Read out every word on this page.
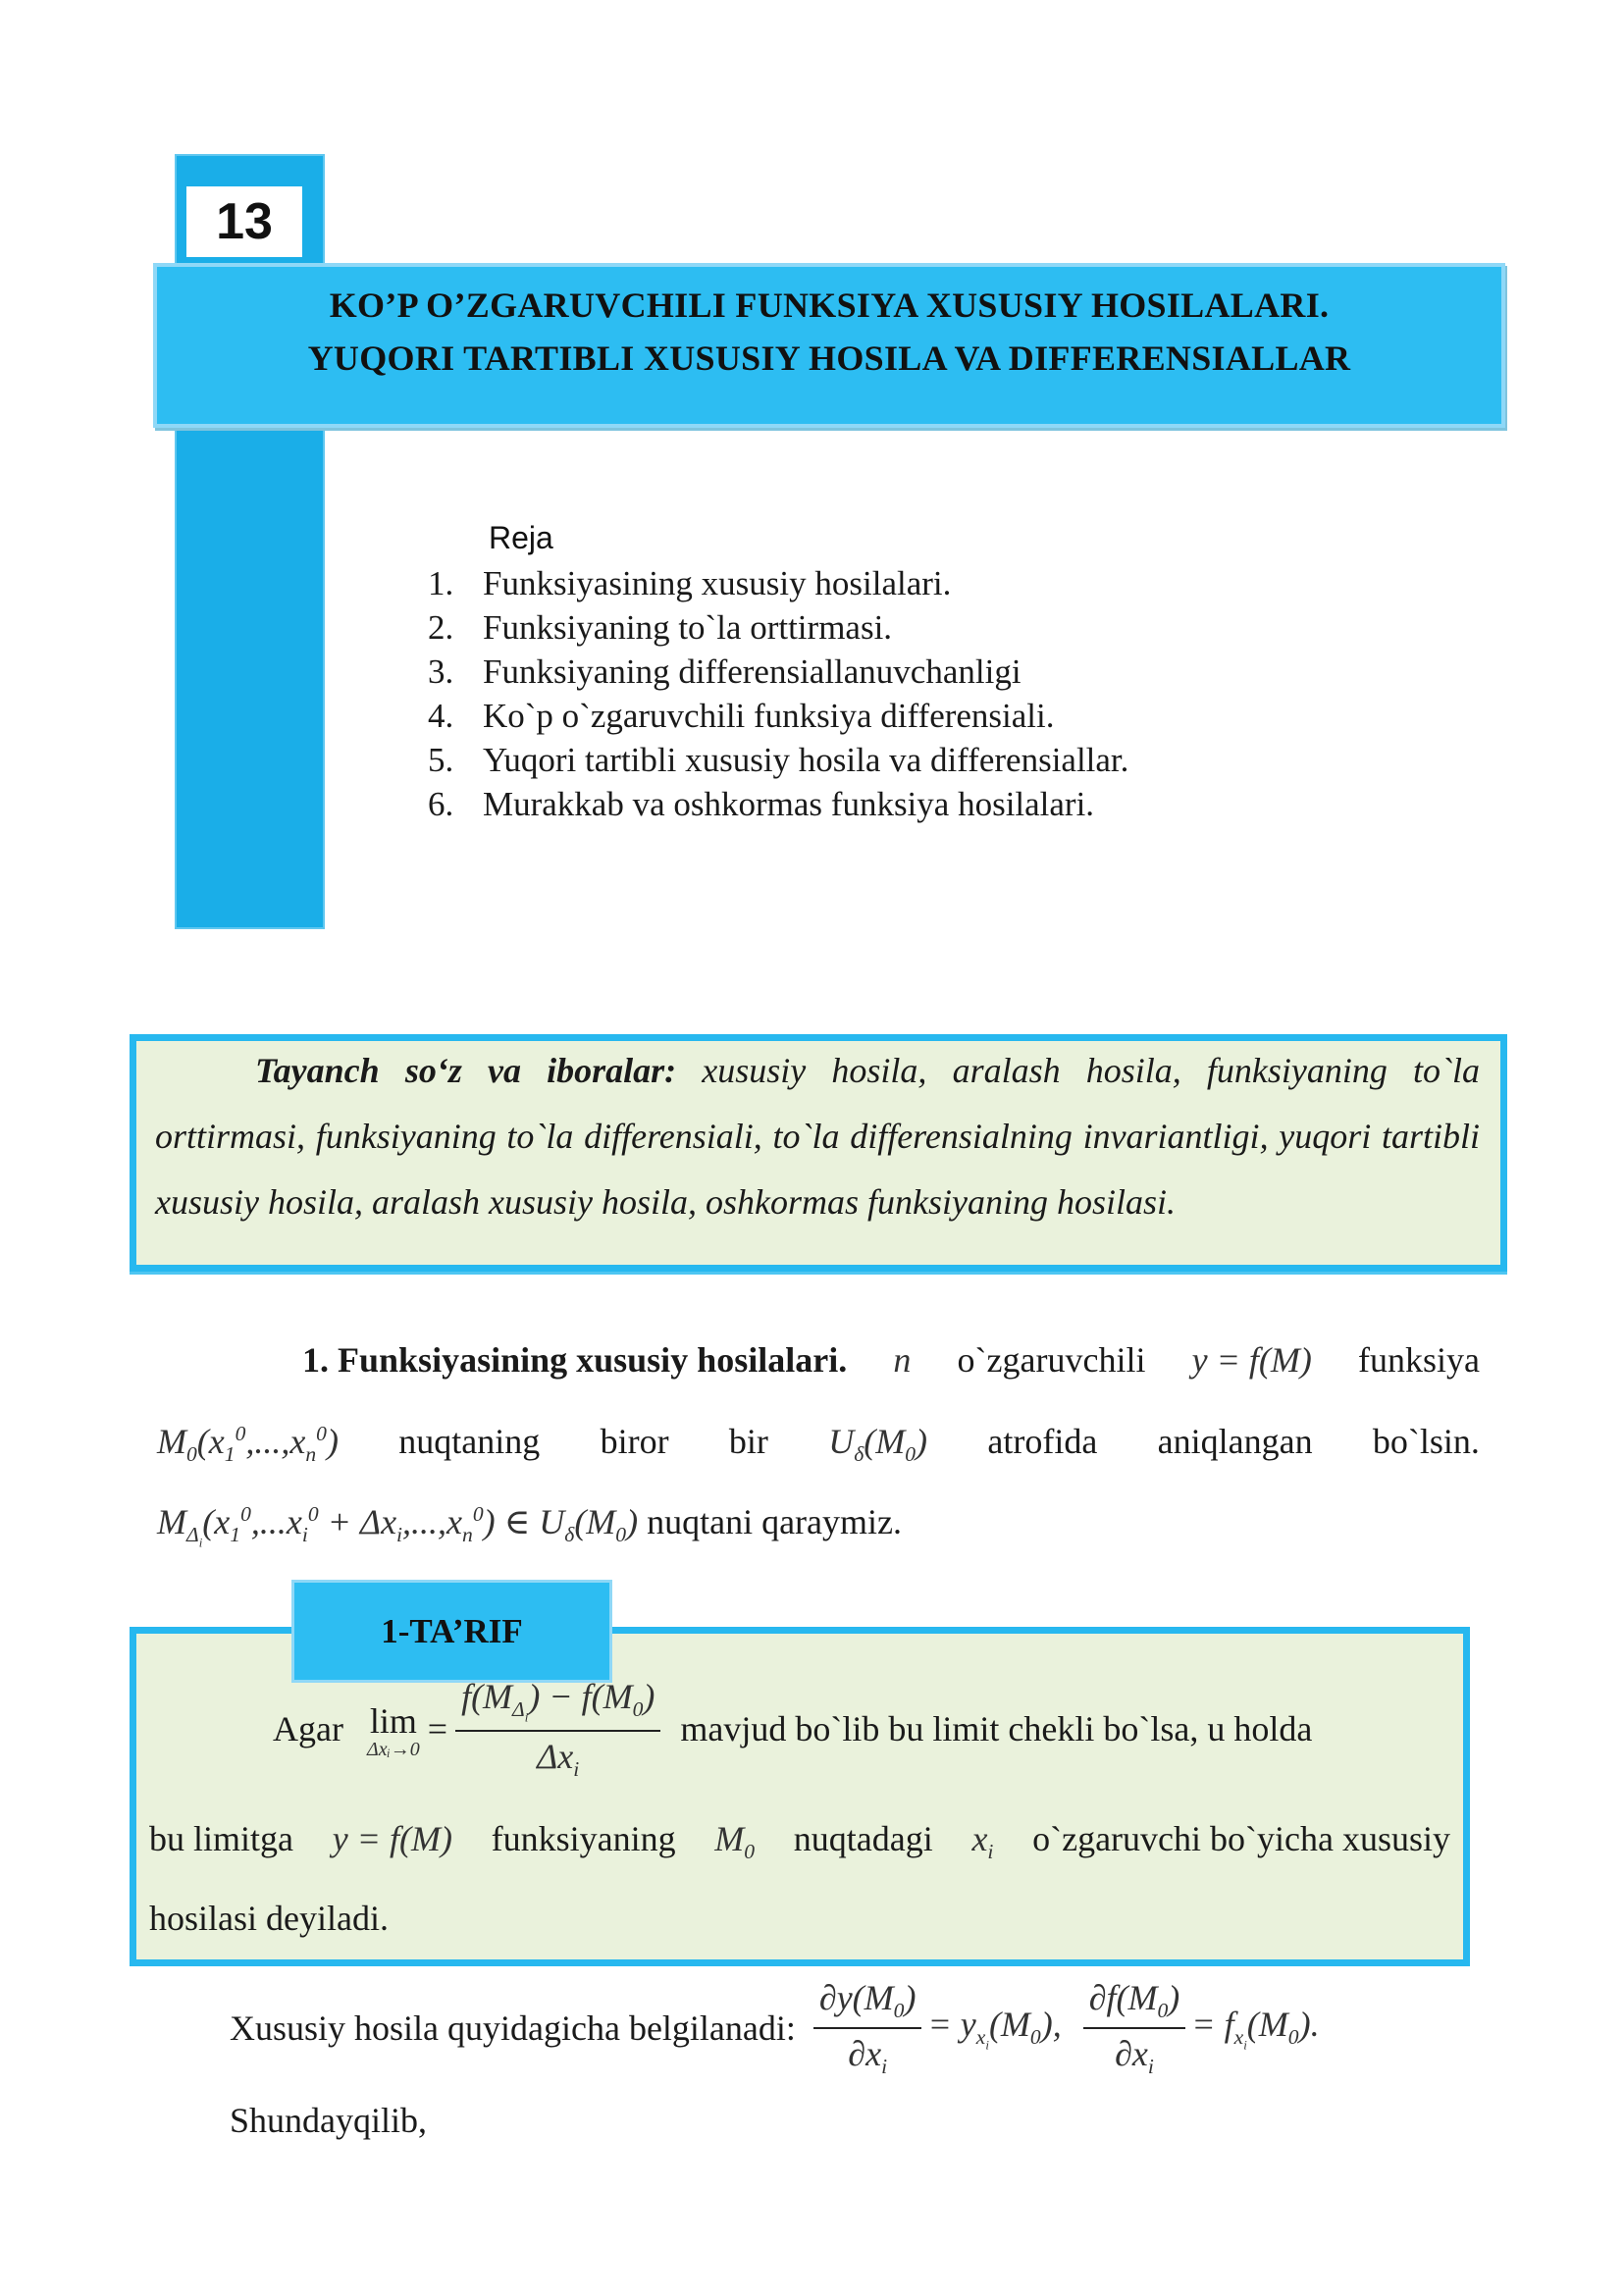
13
KO’P O’ZGARUVCHILI FUNKSIYA XUSUSIY HOSILALARI.
YUQORI TARTIBLI XUSUSIY HOSILA VA DIFFERENSIALLAR
Reja
1. Funksiyasining xususiy hosilalari.
2. Funksiyaning to`la orttirmasi.
3. Funksiyaning differensiallanuvchanligi
4. Ko`p o`zgaruvchili funksiya differensiali.
5. Yuqori tartibli xususiy hosila va differensiallar.
6. Murakkab va oshkormas funksiya hosilalari.
Tayanch so‘z va iboralar: xususiy hosila, aralash hosila, funksiyaning to`la orttirmasi, funksiyaning to`la differensiali, to`la differensialning invariantligi, yuqori tartibli xususiy hosila, aralash xususiy hosila, oshkormas funksiyaning hosilasi.
1. Funksiyasining xususiy hosilalari. n o`zgaruvchili y = f(M) funksiya
$M_0(x_1^0,...,x_n^0)$ nuqtaning biror bir $U_\delta(M_0)$ atrofida aniqlangan bo`lsin.
$M_{\Delta_i}(x_1^0,...x_i^0 + \Delta x_i,...,x_n^0)$ ∈ $U_\delta(M_0)$ nuqtani qaraymiz.
1-TA’RIF
Agar lim
Δxᵢ→0
= $\frac{f(M_{\Delta_i}) - f(M_0)}{\Delta x_i}$ mavjud bo`lib bu limit chekli bo`lsa, u holda
bu limitga y = f(M) funksiyaning $M_0$ nuqtadagi $x_i$ o`zgaruvchi bo`yicha xususiy
hosilasi deyiladi.
Xususiy hosila quyidagicha belgilanadi: $\frac{\partial y(M_0)}{\partial x_i} = y_{x_i}(M_0)$, $\frac{\partial f(M_0)}{\partial x_i} = f_{x_i}(M_0)$.
Shundayqilib,
